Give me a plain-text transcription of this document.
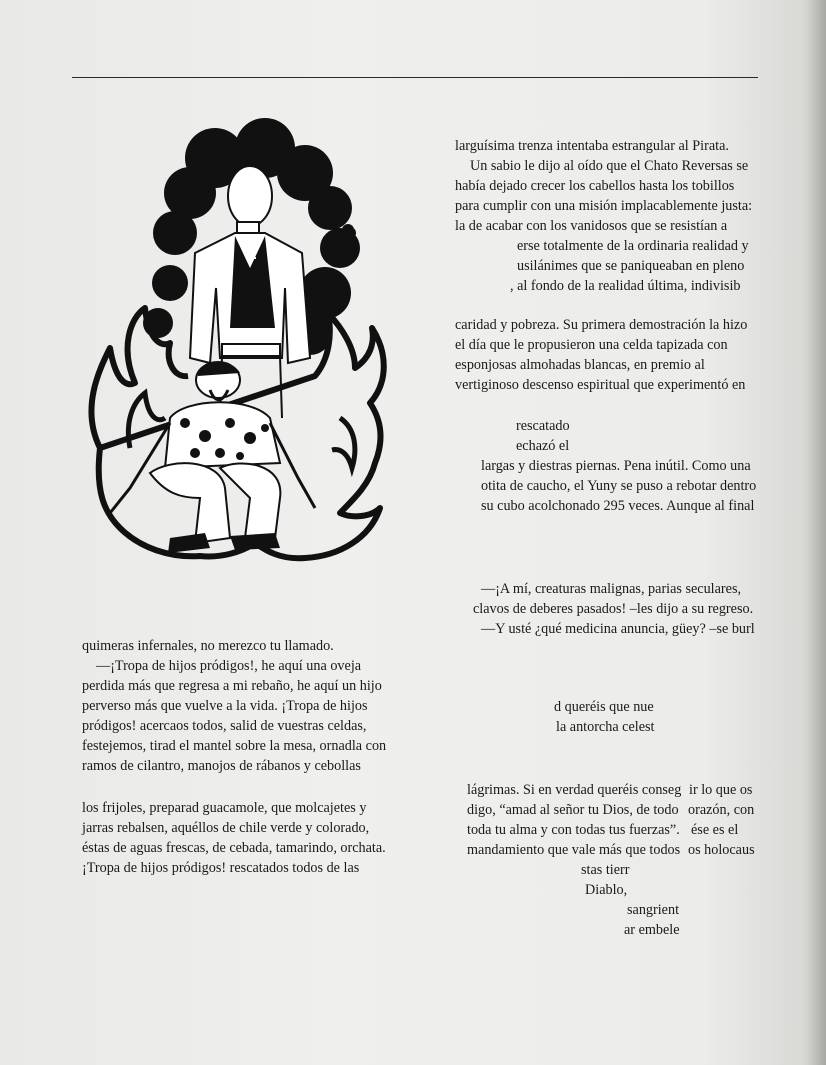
larguísima trenza intentaba estrangular al Pirata.
Un sabio le dijo al oído que el Chato Reversas se
había dejado crecer los cabellos hasta los tobillos
para cumplir con una misión implacablemente justa:
la de acabar con los vanidosos que se resistían a
erse totalmente de la ordinaria realidad y
usilánimes que se paniqueaban en pleno
, al fondo de la realidad última, indivisib
caridad y pobreza. Su primera demostración la hizo
el día que le propusieron una celda tapizada con
esponjosas almohadas blancas, en premio al
vertiginoso descenso espiritual que experimentó en
rescatado
echazó el
largas y diestras piernas. Pena inútil. Como una
otita de caucho, el Yuny se puso a rebotar dentro
su cubo acolchonado 295 veces. Aunque al final
—¡A mí, creaturas malignas, parias seculares,
clavos de deberes pasados! –les dijo a su regreso.
—Y usté ¿qué medicina anuncia, güey? –se burl
d queréis que nue
la antorcha celest
lágrimas. Si en verdad queréis conseg
digo, “amad al señor tu Dios, de todo
toda tu alma y con todas tus fuerzas”.
mandamiento que vale más que todos
stas tierr
Diablo,
sangrient
ar embele
ir lo que os
orazón, con
ése es el
os holocaus
quimeras infernales, no merezco tu llamado.
—¡Tropa de hijos pródigos!, he aquí una oveja
perdida más que regresa a mi rebaño, he aquí un hijo
perverso más que vuelve a la vida. ¡Tropa de hijos
pródigos! acercaos todos, salid de vuestras celdas,
festejemos, tirad el mantel sobre la mesa, ornadla con
ramos de cilantro, manojos de rábanos y cebollas
los frijoles, preparad guacamole, que molcajetes y
jarras rebalsen, aquéllos de chile verde y colorado,
éstas de aguas frescas, de cebada, tamarindo, orchata.
¡Tropa de hijos pródigos! rescatados todos de las
